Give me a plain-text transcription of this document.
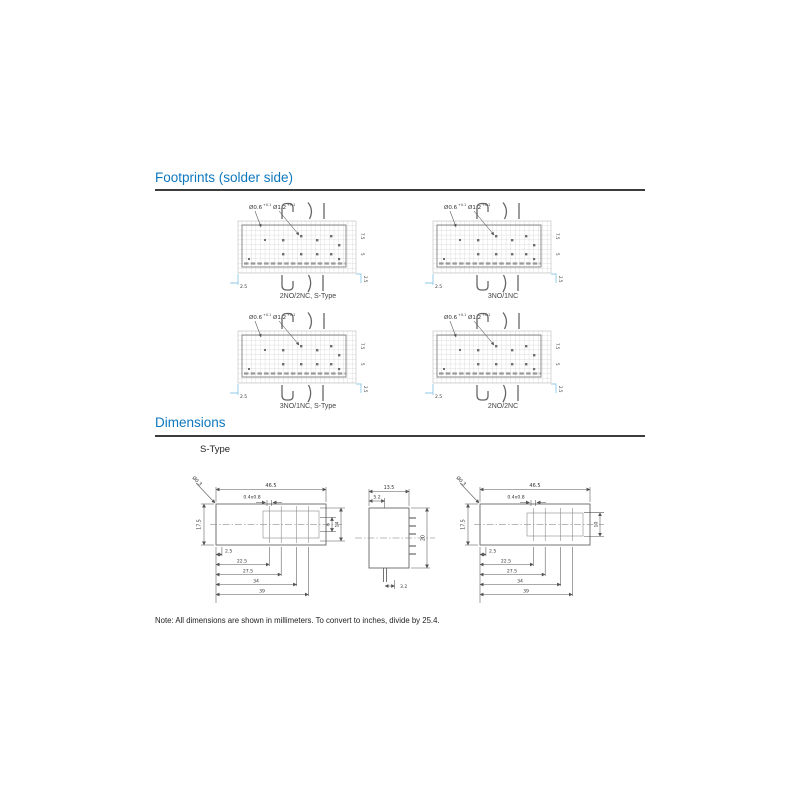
Footprints (solder side)
Ø0.6 +0.1 Ø1.2 +0.1
7.5
5
2.5
2.5
2NO/2NC, S-Type
Ø0.6 +0.1 Ø1.2 +0.1
7.5
5
2.5
2.5
3NO/1NC
Ø0.6 +0.1 Ø1.2 +0.1
7.5
5
2.5
2.5
3NO/1NC, S-Type
Ø0.6 +0.1 Ø1.2 +0.1
7.5
5
2.5
2.5
2NO/2NC
Dimensions
S-Type
46.5
0.4x0.8
Ø0.3
17.5	6 14
2.5
22.5
27.5
34
39
13.5
5.2
20
3.2
46.5
0.4x0.8
Ø0.3
17.5	10
2.5
22.5
27.5
34
39
Note: All dimensions are shown in millimeters. To convert to inches, divide by 25.4.
